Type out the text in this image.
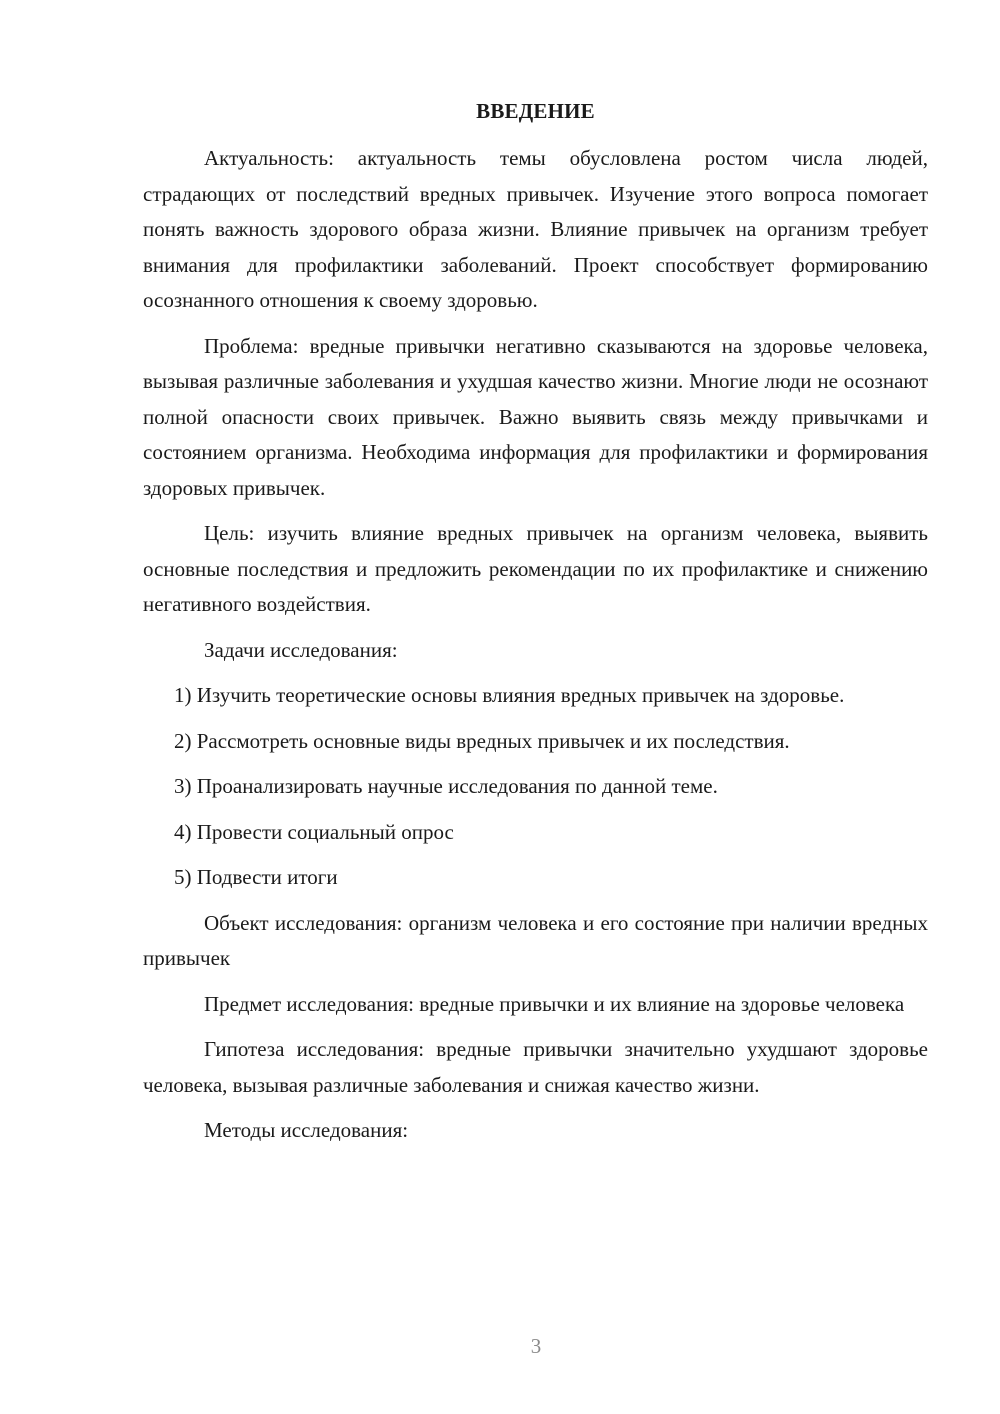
ВВЕДЕНИЕ

Актуальность: актуальность темы обусловлена ростом числа людей, страдающих от последствий вредных привычек. Изучение этого вопроса помогает понять важность здорового образа жизни. Влияние привычек на организм требует внимания для профилактики заболеваний. Проект способствует формированию осознанного отношения к своему здоровью.

Проблема: вредные привычки негативно сказываются на здоровье человека, вызывая различные заболевания и ухудшая качество жизни. Многие люди не осознают полной опасности своих привычек. Важно выявить связь между привычками и состоянием организма. Необходима информация для профилактики и формирования здоровых привычек.

Цель: изучить влияние вредных привычек на организм человека, выявить основные последствия и предложить рекомендации по их профилактике и снижению негативного воздействия.

Задачи исследования:

1) Изучить теоретические основы влияния вредных привычек на здоровье.

2) Рассмотреть основные виды вредных привычек и их последствия.

3) Проанализировать научные исследования по данной теме.

4) Провести социальный опрос

5) Подвести итоги

Объект исследования: организм человека и его состояние при наличии вредных привычек

Предмет исследования: вредные привычки и их влияние на здоровье человека

Гипотеза исследования: вредные привычки значительно ухудшают здоровье человека, вызывая различные заболевания и снижая качество жизни.

Методы исследования:

3
